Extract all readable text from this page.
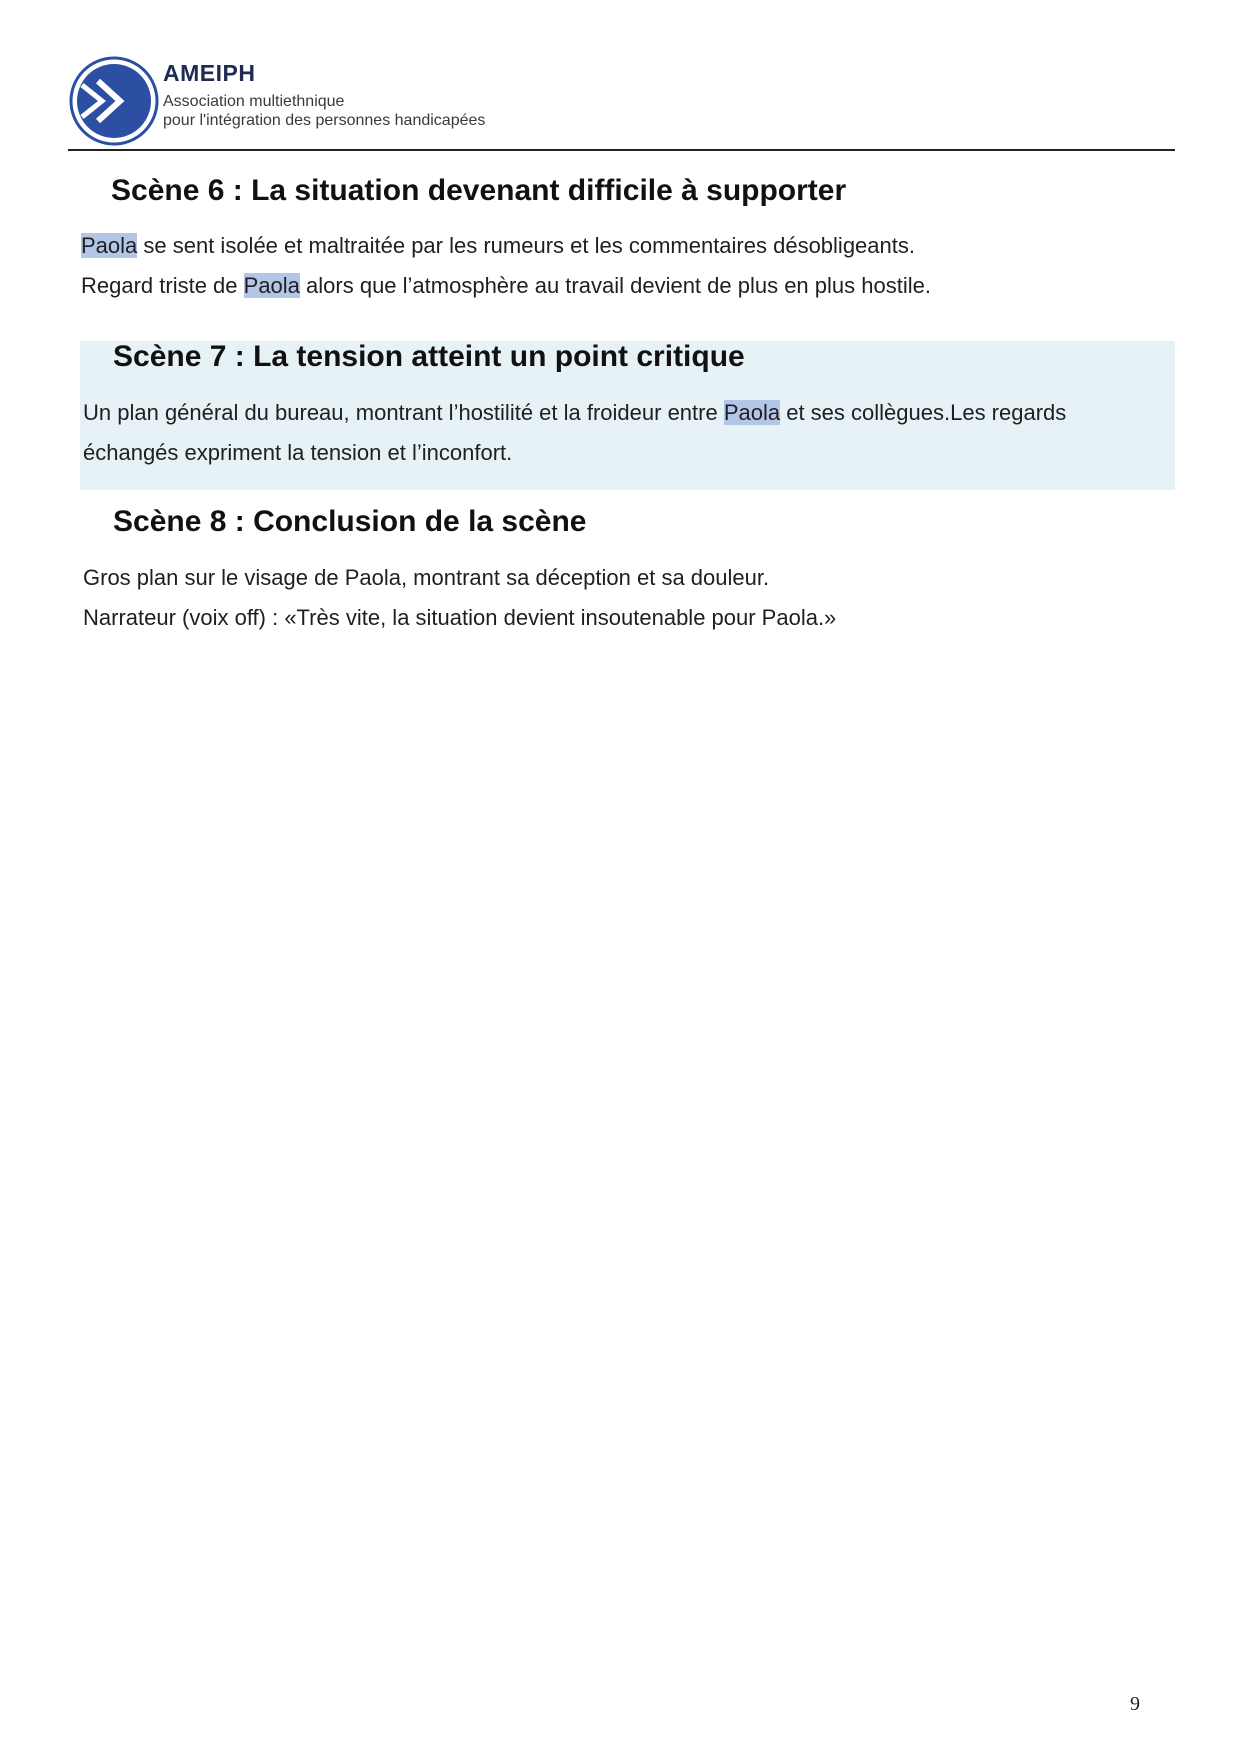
AMEIPH
Association multiethnique
pour l'intégration des personnes handicapées
Scène 6 : La situation devenant difficile à supporter
Paola se sent isolée et maltraitée par les rumeurs et les commentaires désobligeants.
Regard triste de Paola alors que l’atmosphère au travail devient de plus en plus hostile.
Scène 7 : La tension atteint un point critique
Un plan général du bureau, montrant l’hostilité et la froideur entre Paola et ses collègues.Les regards
échangés expriment la tension et l’inconfort.
Scène 8 : Conclusion de la scène
Gros plan sur le visage de Paola, montrant sa déception et sa douleur.
Narrateur (voix off) : «Très vite, la situation devient insoutenable pour Paola.»
9
